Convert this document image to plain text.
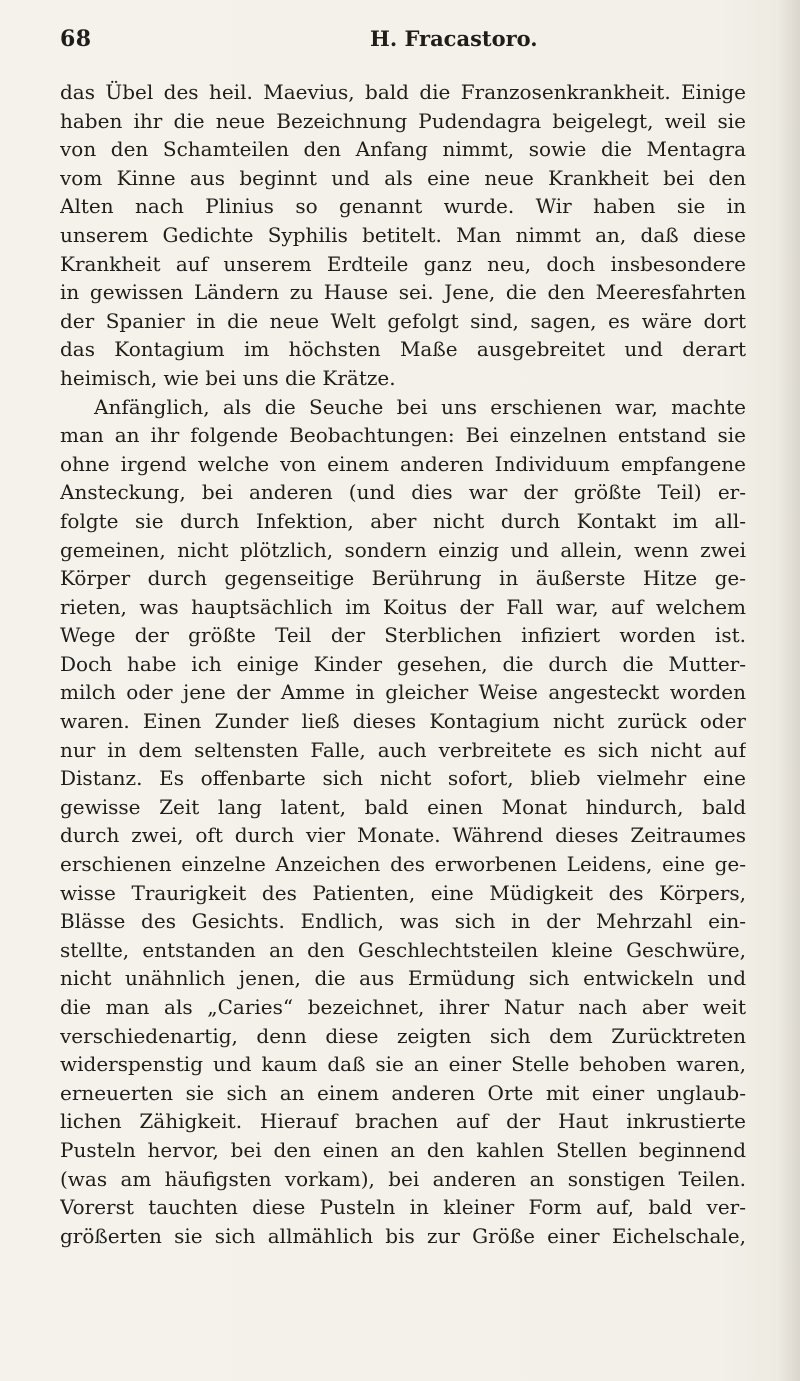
68	H. Fracastoro.
das Übel des heil. Maevius, bald die Franzosenkrankheit. Einige
haben ihr die neue Bezeichnung Pudendagra beigelegt, weil sie
von den Schamteilen den Anfang nimmt, sowie die Mentagra
vom Kinne aus beginnt und als eine neue Krankheit bei den
Alten nach Plinius so genannt wurde. Wir haben sie in
unserem Gedichte Syphilis betitelt. Man nimmt an, daß diese
Krankheit auf unserem Erdteile ganz neu, doch insbesondere
in gewissen Ländern zu Hause sei. Jene, die den Meeresfahrten
der Spanier in die neue Welt gefolgt sind, sagen, es wäre dort
das Kontagium im höchsten Maße ausgebreitet und derart
heimisch, wie bei uns die Krätze.
Anfänglich, als die Seuche bei uns erschienen war, machte
man an ihr folgende Beobachtungen: Bei einzelnen entstand sie
ohne irgend welche von einem anderen Individuum empfangene
Ansteckung, bei anderen (und dies war der größte Teil) er-
folgte sie durch Infektion, aber nicht durch Kontakt im all-
gemeinen, nicht plötzlich, sondern einzig und allein, wenn zwei
Körper durch gegenseitige Berührung in äußerste Hitze ge-
rieten, was hauptsächlich im Koitus der Fall war, auf welchem
Wege der größte Teil der Sterblichen infiziert worden ist.
Doch habe ich einige Kinder gesehen, die durch die Mutter-
milch oder jene der Amme in gleicher Weise angesteckt worden
waren. Einen Zunder ließ dieses Kontagium nicht zurück oder
nur in dem seltensten Falle, auch verbreitete es sich nicht auf
Distanz. Es offenbarte sich nicht sofort, blieb vielmehr eine
gewisse Zeit lang latent, bald einen Monat hindurch, bald
durch zwei, oft durch vier Monate. Während dieses Zeitraumes
erschienen einzelne Anzeichen des erworbenen Leidens, eine ge-
wisse Traurigkeit des Patienten, eine Müdigkeit des Körpers,
Blässe des Gesichts. Endlich, was sich in der Mehrzahl ein-
stellte, entstanden an den Geschlechtsteilen kleine Geschwüre,
nicht unähnlich jenen, die aus Ermüdung sich entwickeln und
die man als „Caries“ bezeichnet, ihrer Natur nach aber weit
verschiedenartig, denn diese zeigten sich dem Zurücktreten
widerspenstig und kaum daß sie an einer Stelle behoben waren,
erneuerten sie sich an einem anderen Orte mit einer unglaub-
lichen Zähigkeit. Hierauf brachen auf der Haut inkrustierte
Pusteln hervor, bei den einen an den kahlen Stellen beginnend
(was am häufigsten vorkam), bei anderen an sonstigen Teilen.
Vorerst tauchten diese Pusteln in kleiner Form auf, bald ver-
größerten sie sich allmählich bis zur Größe einer Eichelschale,
